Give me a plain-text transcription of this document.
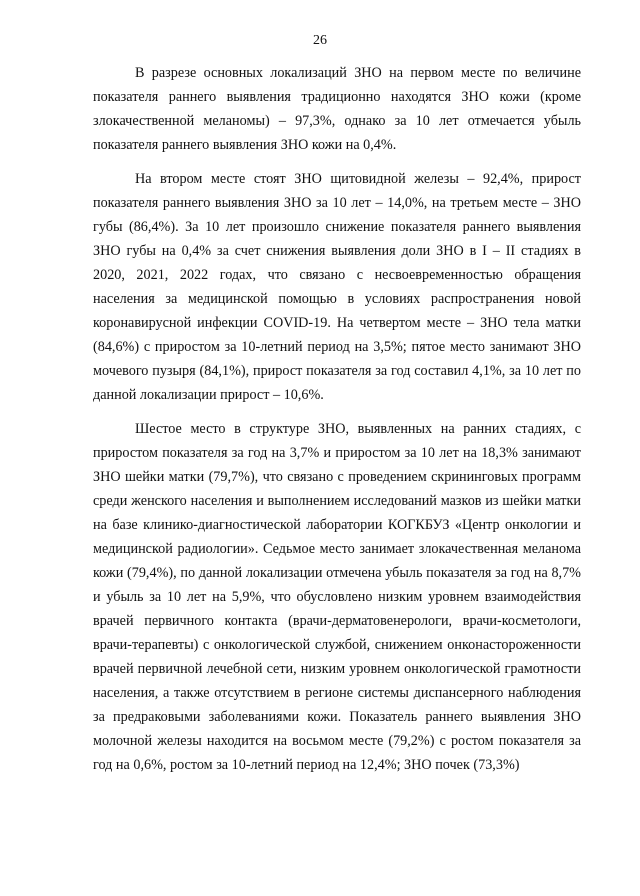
26

В разрезе основных локализаций ЗНО на первом месте по величине показателя раннего выявления традиционно находятся ЗНО кожи (кроме злокачественной меланомы) – 97,3%, однако за 10 лет отмечается убыль показателя раннего выявления ЗНО кожи на 0,4%.

На втором месте стоят ЗНО щитовидной железы – 92,4%, прирост показателя раннего выявления ЗНО за 10 лет – 14,0%, на третьем месте – ЗНО губы (86,4%). За 10 лет произошло снижение показателя раннего выявления ЗНО губы на 0,4% за счет снижения выявления доли ЗНО в I – II стадиях в 2020, 2021, 2022 годах, что связано с несвоевременностью обращения населения за медицинской помощью в условиях распространения новой коронавирусной инфекции COVID-19. На четвертом месте – ЗНО тела матки (84,6%) с приростом за 10-летний период на 3,5%; пятое место занимают ЗНО мочевого пузыря (84,1%), прирост показателя за год составил 4,1%, за 10 лет по данной локализации прирост – 10,6%.

Шестое место в структуре ЗНО, выявленных на ранних стадиях, с приростом показателя за год на 3,7% и приростом за 10 лет на 18,3% занимают ЗНО шейки матки (79,7%), что связано с проведением скрининговых программ среди женского населения и выполнением исследований мазков из шейки матки на базе клинико-диагностической лаборатории КОГКБУЗ «Центр онкологии и медицинской радиологии». Седьмое место занимает злокачественная меланома кожи (79,4%), по данной локализации отмечена убыль показателя за год на 8,7% и убыль за 10 лет на 5,9%, что обусловлено низким уровнем взаимодействия врачей первичного контакта (врачи-дерматовенерологи, врачи-косметологи, врачи-терапевты) с онкологической службой, снижением онконастороженности врачей первичной лечебной сети, низким уровнем онкологической грамотности населения, а также отсутствием в регионе системы диспансерного наблюдения за предраковыми заболеваниями кожи. Показатель раннего выявления ЗНО молочной железы находится на восьмом месте (79,2%) с ростом показателя за год на 0,6%, ростом за 10-летний период на 12,4%; ЗНО почек (73,3%)
